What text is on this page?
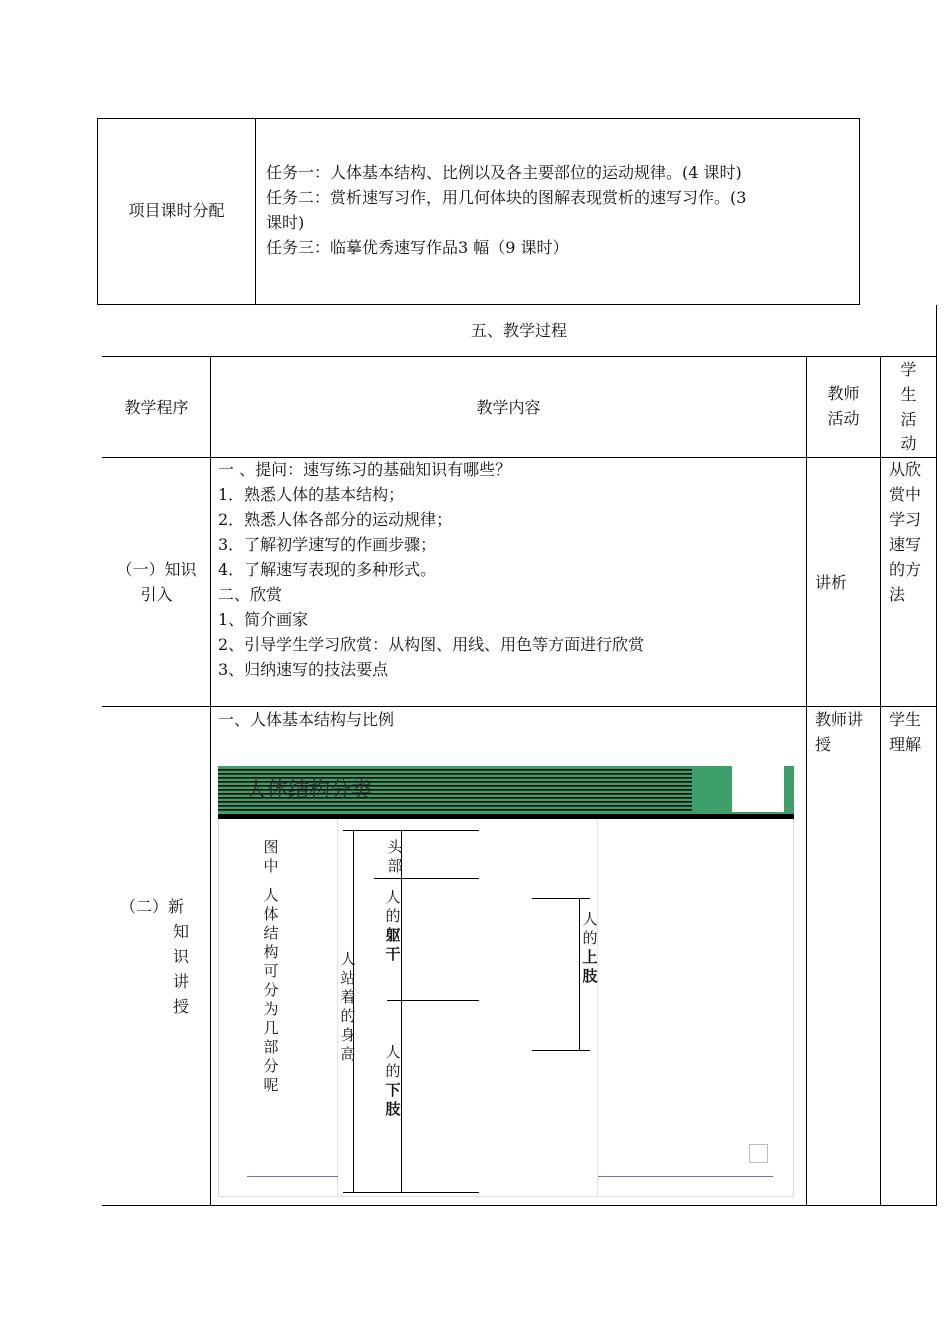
项目课时分配
任务一：人体基本结构、比例以及各主要部位的运动规律。(4 课时)
任务二：赏析速写习作，用几何体块的图解表现赏析的速写习作。(3
课时)
任务三：临摹优秀速写作品3 幅（9 课时）
五、教学过程
教学程序	教学内容
教师
活动
学
生
活
动
（一）知识
引入
一 、提问：速写练习的基础知识有哪些？
1．熟悉人体的基本结构；
2．熟悉人体各部分的运动规律；
3．了解初学速写的作画步骤；
4．了解速写表现的多种形式。
二、欣赏
1、简介画家
2、引导学生学习欣赏：从构图、用线、用色等方面进行欣赏
3、归纳速写的技法要点
讲析
从欣
赏中
学习
速写
的方
法
（二）新
知
识
讲
授
一、人体基本结构与比例	教师讲
授
学生
理解
人体结构分类
图
中
人
体
结
构
可
分
为
几
部
分
呢
人
站
着
的
身
高
头
部
人
的
躯
干
人
的
下
肢
人
的
上
肢
